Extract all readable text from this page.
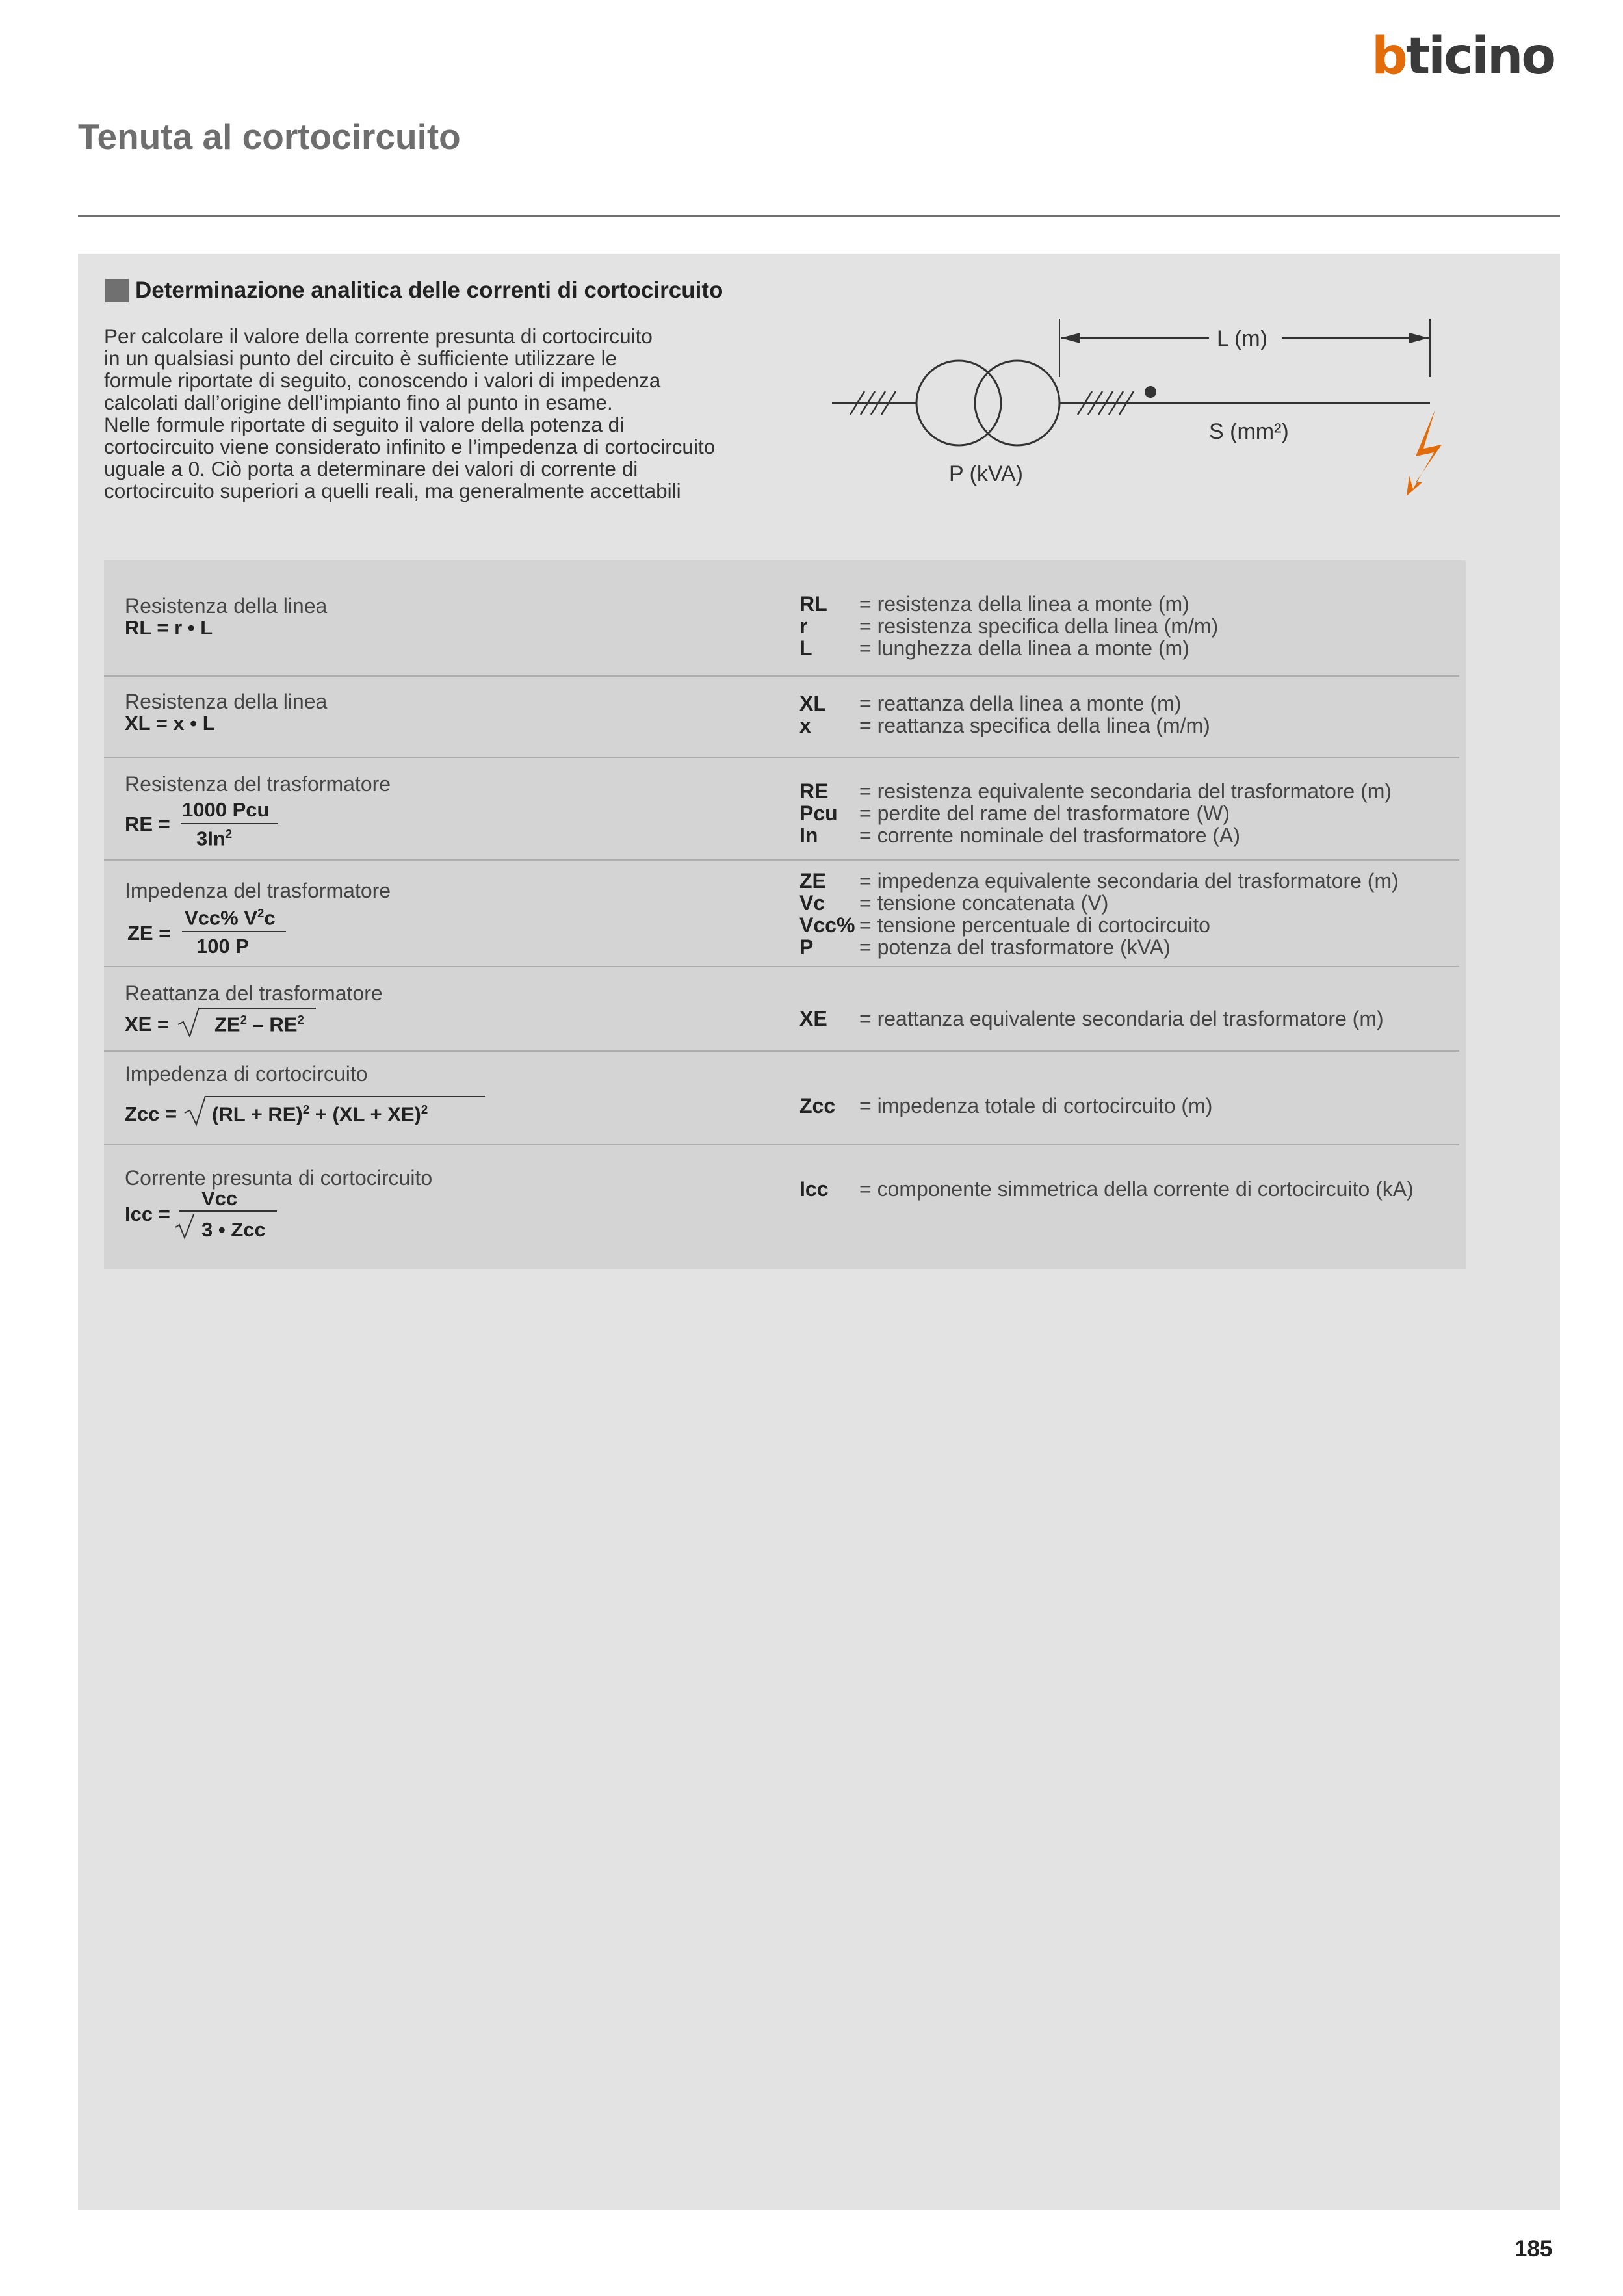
bticino
Tenuta al cortocircuito
Determinazione analitica delle correnti di cortocircuito

Per calcolare il valore della corrente presunta di cortocircuito

in un qualsiasi punto del circuito è sufficiente utilizzare le

formule riportate di seguito, conoscendo i valori di impedenza

calcolati dall’origine dell’impianto fino al punto in esame.

Nelle formule riportate di seguito il valore della potenza di

cortocircuito viene considerato infinito e l’impedenza di cortocircuito

uguale a 0. Ciò porta a determinare dei valori di corrente di

cortocircuito superiori a quelli reali, ma generalmente accettabili

L (m)
S (mm²)
P (kVA)
Resistenza della linea
RL = r • L
RL	= resistenza della linea a monte (m)
r	= resistenza specifica della linea (m/m)
L	= lunghezza della linea a monte (m)
Resistenza della linea
XL = x • L
XL	= reattanza della linea a monte (m)
x	= reattanza specifica della linea (m/m)
Resistenza del trasformatore
RE =
1000 Pcu
3In$^2$
RE	= resistenza equivalente secondaria del trasformatore (m)
Pcu	= perdite del rame del trasformatore (W)
In	= corrente nominale del trasformatore (A)
Impedenza del trasformatore
ZE =
Vcc% $V^2c$
100 P
ZE	= impedenza equivalente secondaria del trasformatore (m)
Vc	= tensione concatenata (V)
Vcc% = tensione percentuale di cortocircuito
P	= potenza del trasformatore (kVA)
Reattanza del trasformatore
XE = $ZE^2 - RE^2$	XE	= reattanza equivalente secondaria del trasformatore (m)
Impedenza di cortocircuito
Zcc = (RL + RE)$^2$ + (XL + XE)$^2$	Zcc	= impedenza totale di cortocircuito (m)
Corrente presunta di cortocircuito
Icc =
Vcc
3 • Zcc
Icc	= componente simmetrica della corrente di cortocircuito (kA)
185
